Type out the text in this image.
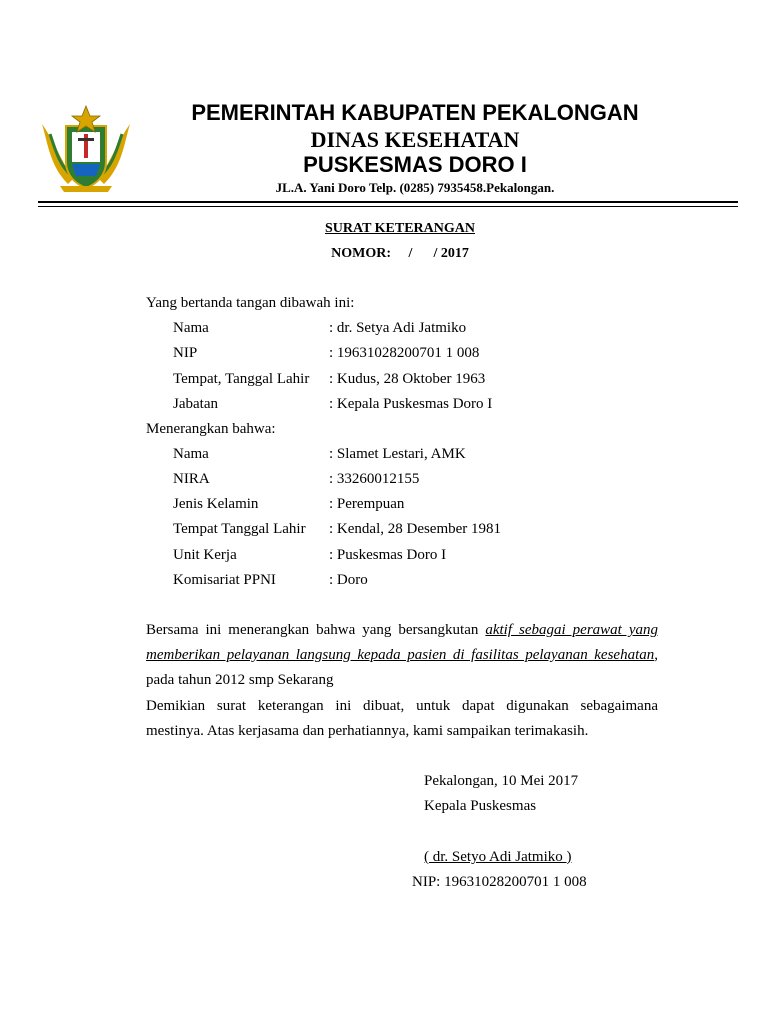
PEMERINTAH KABUPATEN PEKALONGAN
DINAS KESEHATAN
PUSKESMAS DORO I
JL.A. Yani Doro Telp. (0285) 7935458.Pekalongan.
SURAT KETERANGAN
NOMOR:     /      / 2017
Yang bertanda tangan dibawah ini:
Nama	: dr. Setya Adi Jatmiko
NIP	: 19631028200701 1 008
Tempat, Tanggal Lahir : Kudus, 28 Oktober 1963
Jabatan	: Kepala Puskesmas Doro I
Menerangkan bahwa:
Nama	: Slamet Lestari, AMK
NIRA	: 33260012155
Jenis Kelamin	: Perempuan
Tempat Tanggal Lahir : Kendal, 28 Desember 1981
Unit Kerja	: Puskesmas Doro I
Komisariat PPNI	: Doro
Bersama ini menerangkan bahwa yang bersangkutan aktif sebagai perawat yang
memberikan pelayanan langsung kepada pasien di fasilitas pelayanan kesehatan,
pada tahun 2012 smp Sekarang
Demikian surat keterangan ini dibuat, untuk dapat digunakan sebagaimana
mestinya. Atas kerjasama dan perhatiannya, kami sampaikan terimakasih.
Pekalongan, 10 Mei 2017
Kepala Puskesmas
( dr. Setyo Adi Jatmiko )
NIP: 19631028200701 1 008
